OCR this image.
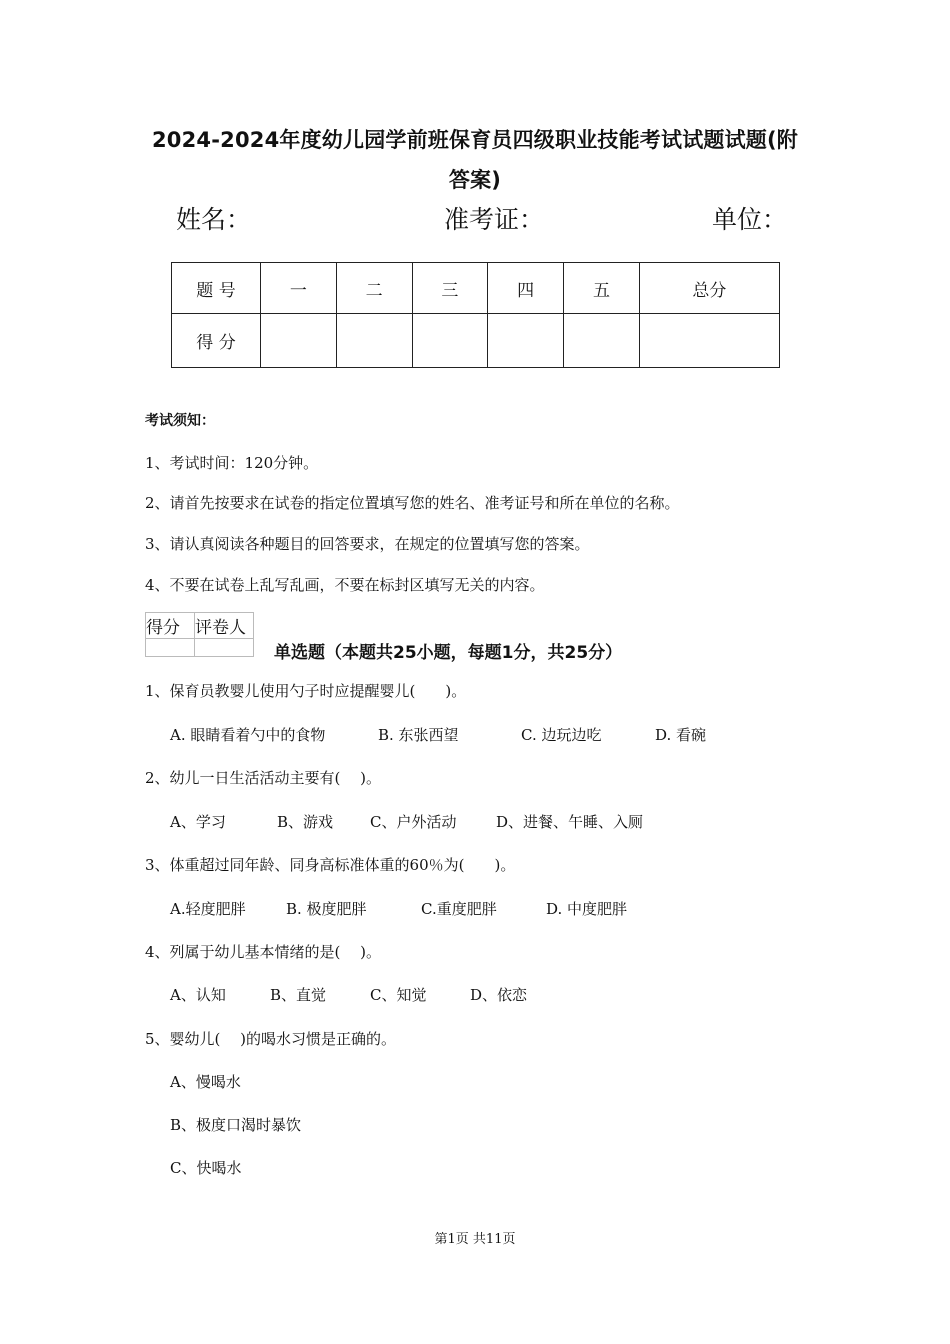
2024-2024年度幼儿园学前班保育员四级职业技能考试试题试题(附
答案)
姓名：	准考证：	单位：
题 号	一	二	三	四	五	总分
得 分						
考试须知：
1、考试时间：120分钟。
2、请首先按要求在试卷的指定位置填写您的姓名、准考证号和所在单位的名称。
3、请认真阅读各种题目的回答要求，在规定的位置填写您的答案。
4、不要在试卷上乱写乱画，不要在标封区填写无关的内容。
得分	评卷人

单选题（本题共25小题，每题1分，共25分）
1、保育员教婴儿使用勺子时应提醒婴儿(　　)。
A. 眼睛看着勺中的食物	B. 东张西望	C. 边玩边吃	D. 看碗
2、幼儿一日生活活动主要有(　 )。
A、学习	B、游戏 C、户外活动	D、进餐、午睡、入厕
3、体重超过同年龄、同身高标准体重的60％为(　　)。
A.轻度肥胖	B. 极度肥胖	C.重度肥胖	D. 中度肥胖
4、列属于幼儿基本情绪的是(　 )。
A、认知	B、直觉	C、知觉	D、依恋
5、婴幼儿(　 )的喝水习惯是正确的。
A、慢喝水
B、极度口渴时暴饮
C、快喝水
第1页 共11页
